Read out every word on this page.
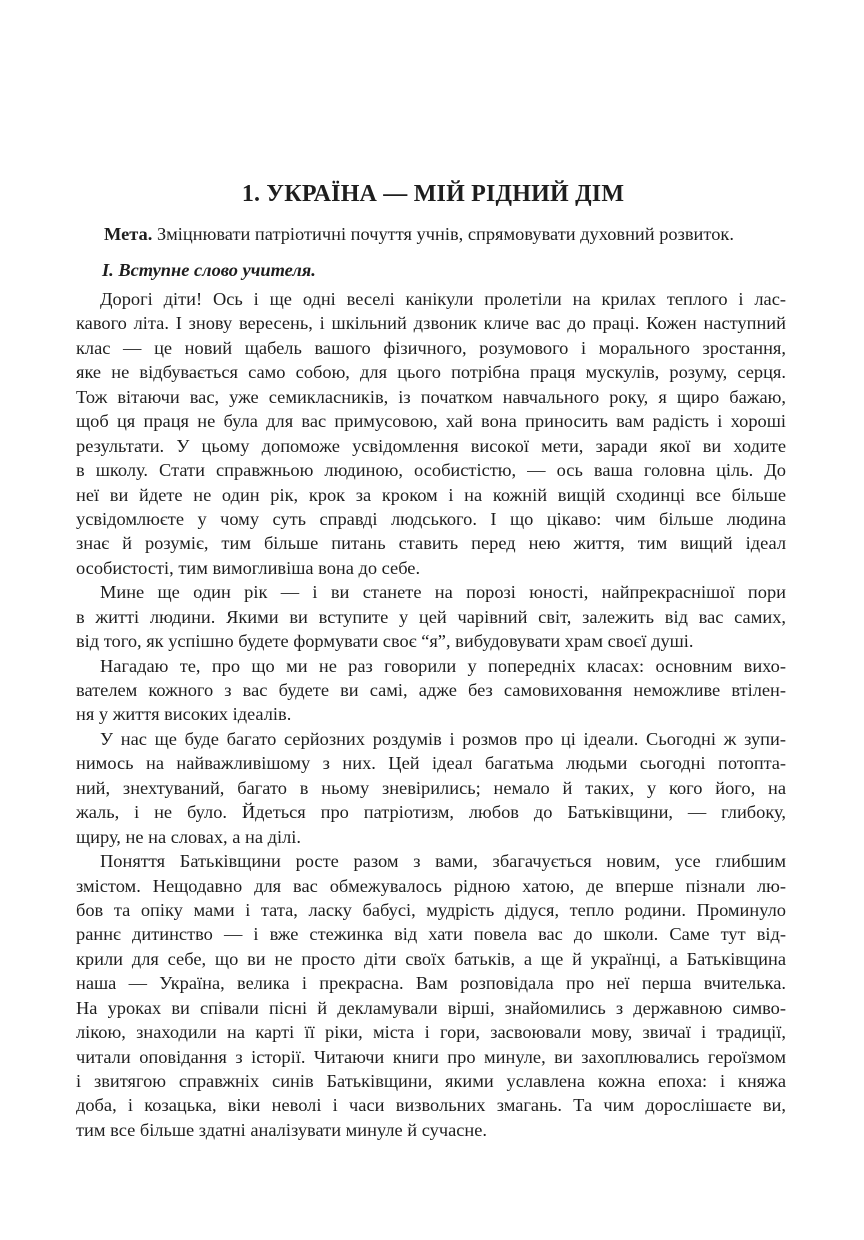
1. УКРАЇНА — МІЙ РІДНИЙ ДІМ

Мета. Зміцнювати патріотичні почуття учнів, спрямовувати духовний розвиток.

I. Вступне слово учителя.

Дорогі діти! Ось і ще одні веселі канікули пролетіли на крилах теплого і лас-
кавого літа. І знову вересень, і шкільний дзвоник кличе вас до праці. Кожен наступний
клас — це новий щабель вашого фізичного, розумового і морального зростання,
яке не відбувається само собою, для цього потрібна праця мускулів, розуму, серця.
Тож вітаючи вас, уже семикласників, із початком навчального року, я щиро бажаю,
щоб ця праця не була для вас примусовою, хай вона приносить вам радість і хороші
результати. У цьому допоможе усвідомлення високої мети, заради якої ви ходите
в школу. Стати справжньою людиною, особистістю, — ось ваша головна ціль. До
неї ви йдете не один рік, крок за кроком і на кожній вищій сходинці все більше
усвідомлюєте у чому суть справді людського. І що цікаво: чим більше людина
знає й розуміє, тим більше питань ставить перед нею життя, тим вищий ідеал
особистості, тим вимогливіша вона до себе.

Мине ще один рік — і ви станете на порозі юності, найпрекраснішої пори
в житті людини. Якими ви вступите у цей чарівний світ, залежить від вас самих,
від того, як успішно будете формувати своє “я”, вибудовувати храм своєї душі.

Нагадаю те, про що ми не раз говорили у попередніх класах: основним вихо-
вателем кожного з вас будете ви самі, адже без самовиховання неможливе втілен-
ня у життя високих ідеалів.

У нас ще буде багато серйозних роздумів і розмов про ці ідеали. Сьогодні ж зупи-
нимось на найважливішому з них. Цей ідеал багатьма людьми сьогодні потоптa-
ний, знехтуваний, багато в ньому зневірились; немало й таких, у кого його, на
жаль, і не було. Йдеться про патріотизм, любов до Батьківщини, — глибоку,
щиру, не на словах, а на ділі.

Поняття Батьківщини росте разом з вами, збагачується новим, усе глибшим
змістом. Нещодавно для вас обмежувалось рідною хатою, де вперше пізнали лю-
бов та опіку мами і тата, ласку бабусі, мудрість дідуся, тепло родини. Проминуло
раннє дитинство — і вже стежинка від хати повела вас до школи. Саме тут від-
крили для себе, що ви не просто діти своїх батьків, а ще й українці, а Батьківщина
наша — Україна, велика і прекрасна. Вам розповідала про неї перша вчителька.
На уроках ви співали пісні й декламували вірші, знайомились з державною симво-
лікою, знаходили на карті її ріки, міста і гори, засвоювали мову, звичаї і традиції,
читали оповідання з історії. Читаючи книги про минуле, ви захоплювались героїзмом
і звитягою справжніх синів Батьківщини, якими уславлена кожна епоха: і княжа
доба, і козацька, віки неволі і часи визвольних змагань. Та чим дорослішаєте ви,
тим все більше здатні аналізувати минуле й сучасне.
